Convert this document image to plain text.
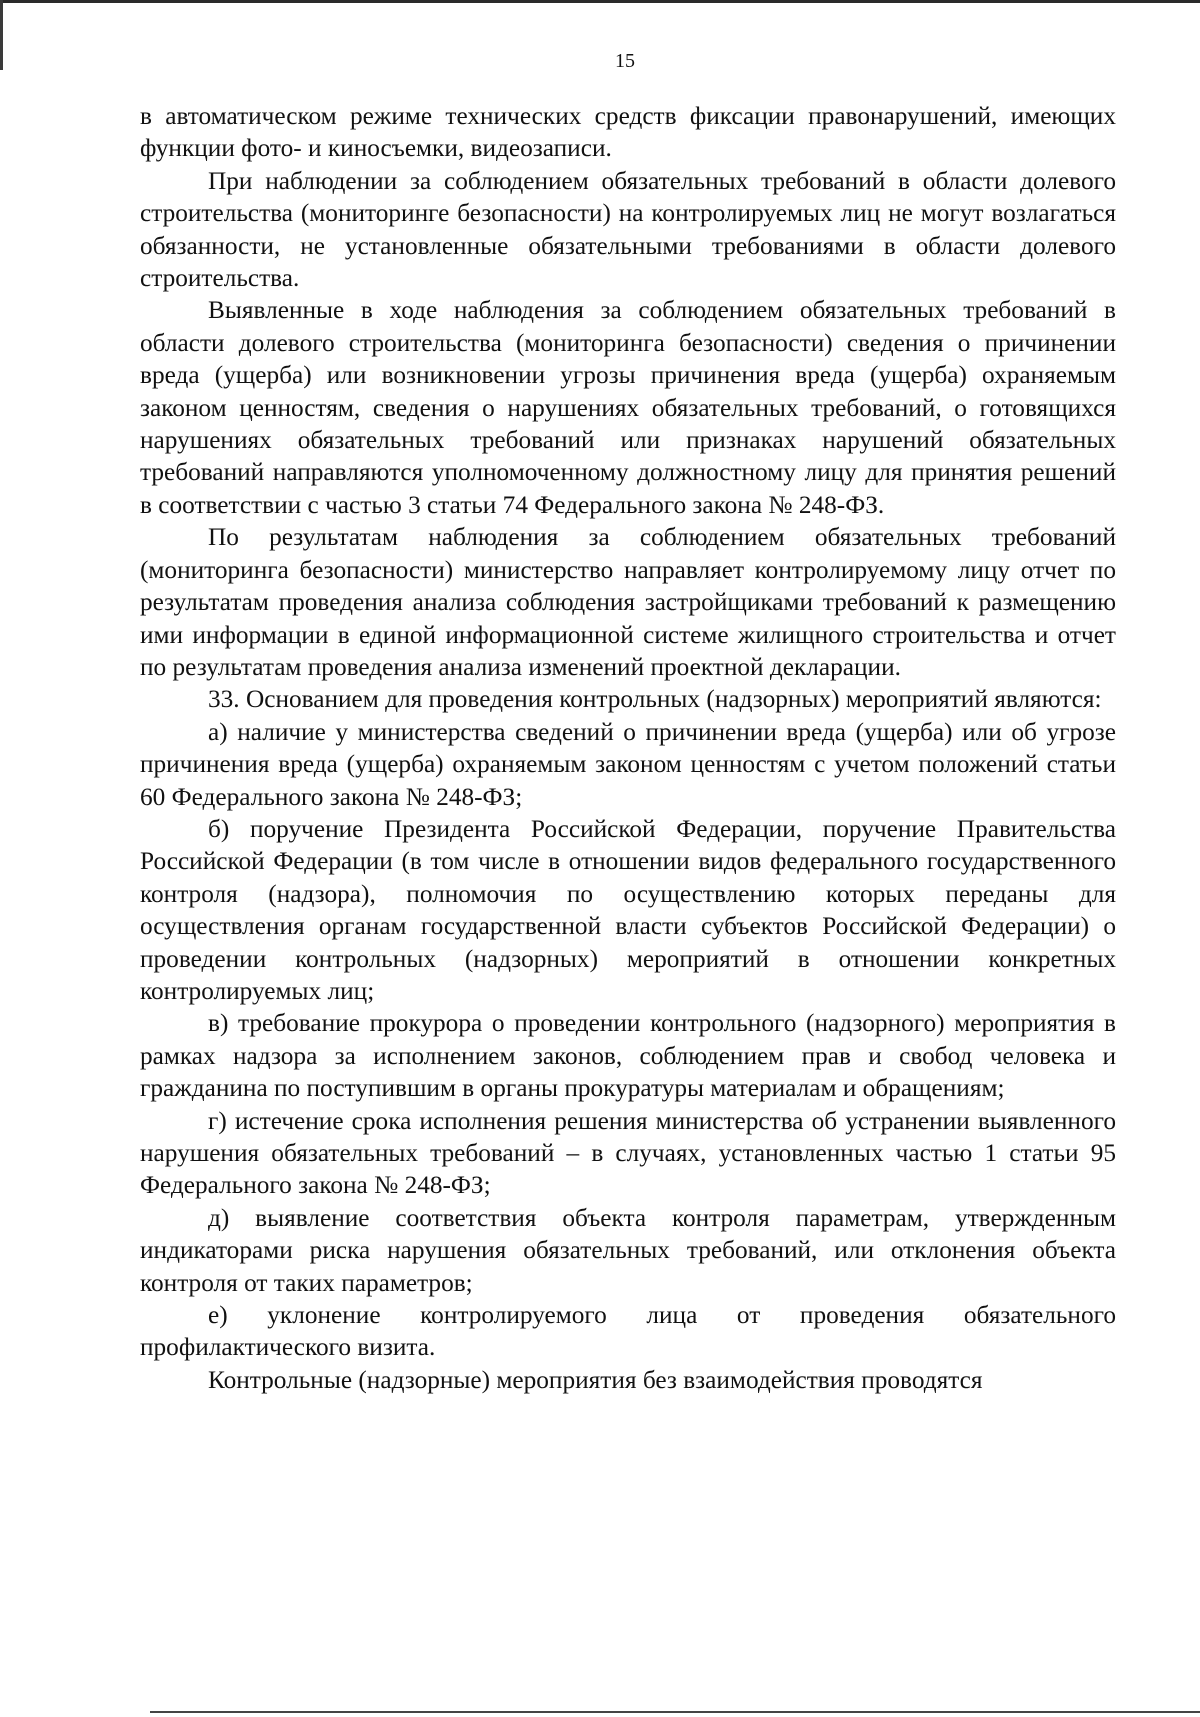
15

в автоматическом режиме технических средств фиксации правонарушений, имеющих функции фото- и киносъемки, видеозаписи.

При наблюдении за соблюдением обязательных требований в области долевого строительства (мониторинге безопасности) на контролируемых лиц не могут возлагаться обязанности, не установленные обязательными требованиями в области долевого строительства.

Выявленные в ходе наблюдения за соблюдением обязательных требований в области долевого строительства (мониторинга безопасности) сведения о причинении вреда (ущерба) или возникновении угрозы причинения вреда (ущерба) охраняемым законом ценностям, сведения о нарушениях обязательных требований, о готовящихся нарушениях обязательных требований или признаках нарушений обязательных требований направляются уполномоченному должностному лицу для принятия решений в соответствии с частью 3 статьи 74 Федерального закона № 248-ФЗ.

По результатам наблюдения за соблюдением обязательных требований (мониторинга безопасности) министерство направляет контролируемому лицу отчет по результатам проведения анализа соблюдения застройщиками требований к размещению ими информации в единой информационной системе жилищного строительства и отчет по результатам проведения анализа изменений проектной декларации.

33. Основанием для проведения контрольных (надзорных) мероприятий являются:

а) наличие у министерства сведений о причинении вреда (ущерба) или об угрозе причинения вреда (ущерба) охраняемым законом ценностям с учетом положений статьи 60 Федерального закона № 248-ФЗ;

б) поручение Президента Российской Федерации, поручение Правительства Российской Федерации (в том числе в отношении видов федерального государственного контроля (надзора), полномочия по осуществлению которых переданы для осуществления органам государственной власти субъектов Российской Федерации) о проведении контрольных (надзорных) мероприятий в отношении конкретных контролируемых лиц;

в) требование прокурора о проведении контрольного (надзорного) мероприятия в рамках надзора за исполнением законов, соблюдением прав и свобод человека и гражданина по поступившим в органы прокуратуры материалам и обращениям;

г) истечение срока исполнения решения министерства об устранении выявленного нарушения обязательных требований – в случаях, установленных частью 1 статьи 95 Федерального закона № 248-ФЗ;

д) выявление соответствия объекта контроля параметрам, утвержденным индикаторами риска нарушения обязательных требований, или отклонения объекта контроля от таких параметров;

е) уклонение контролируемого лица от проведения обязательного профилактического визита.

Контрольные (надзорные) мероприятия без взаимодействия проводятся
